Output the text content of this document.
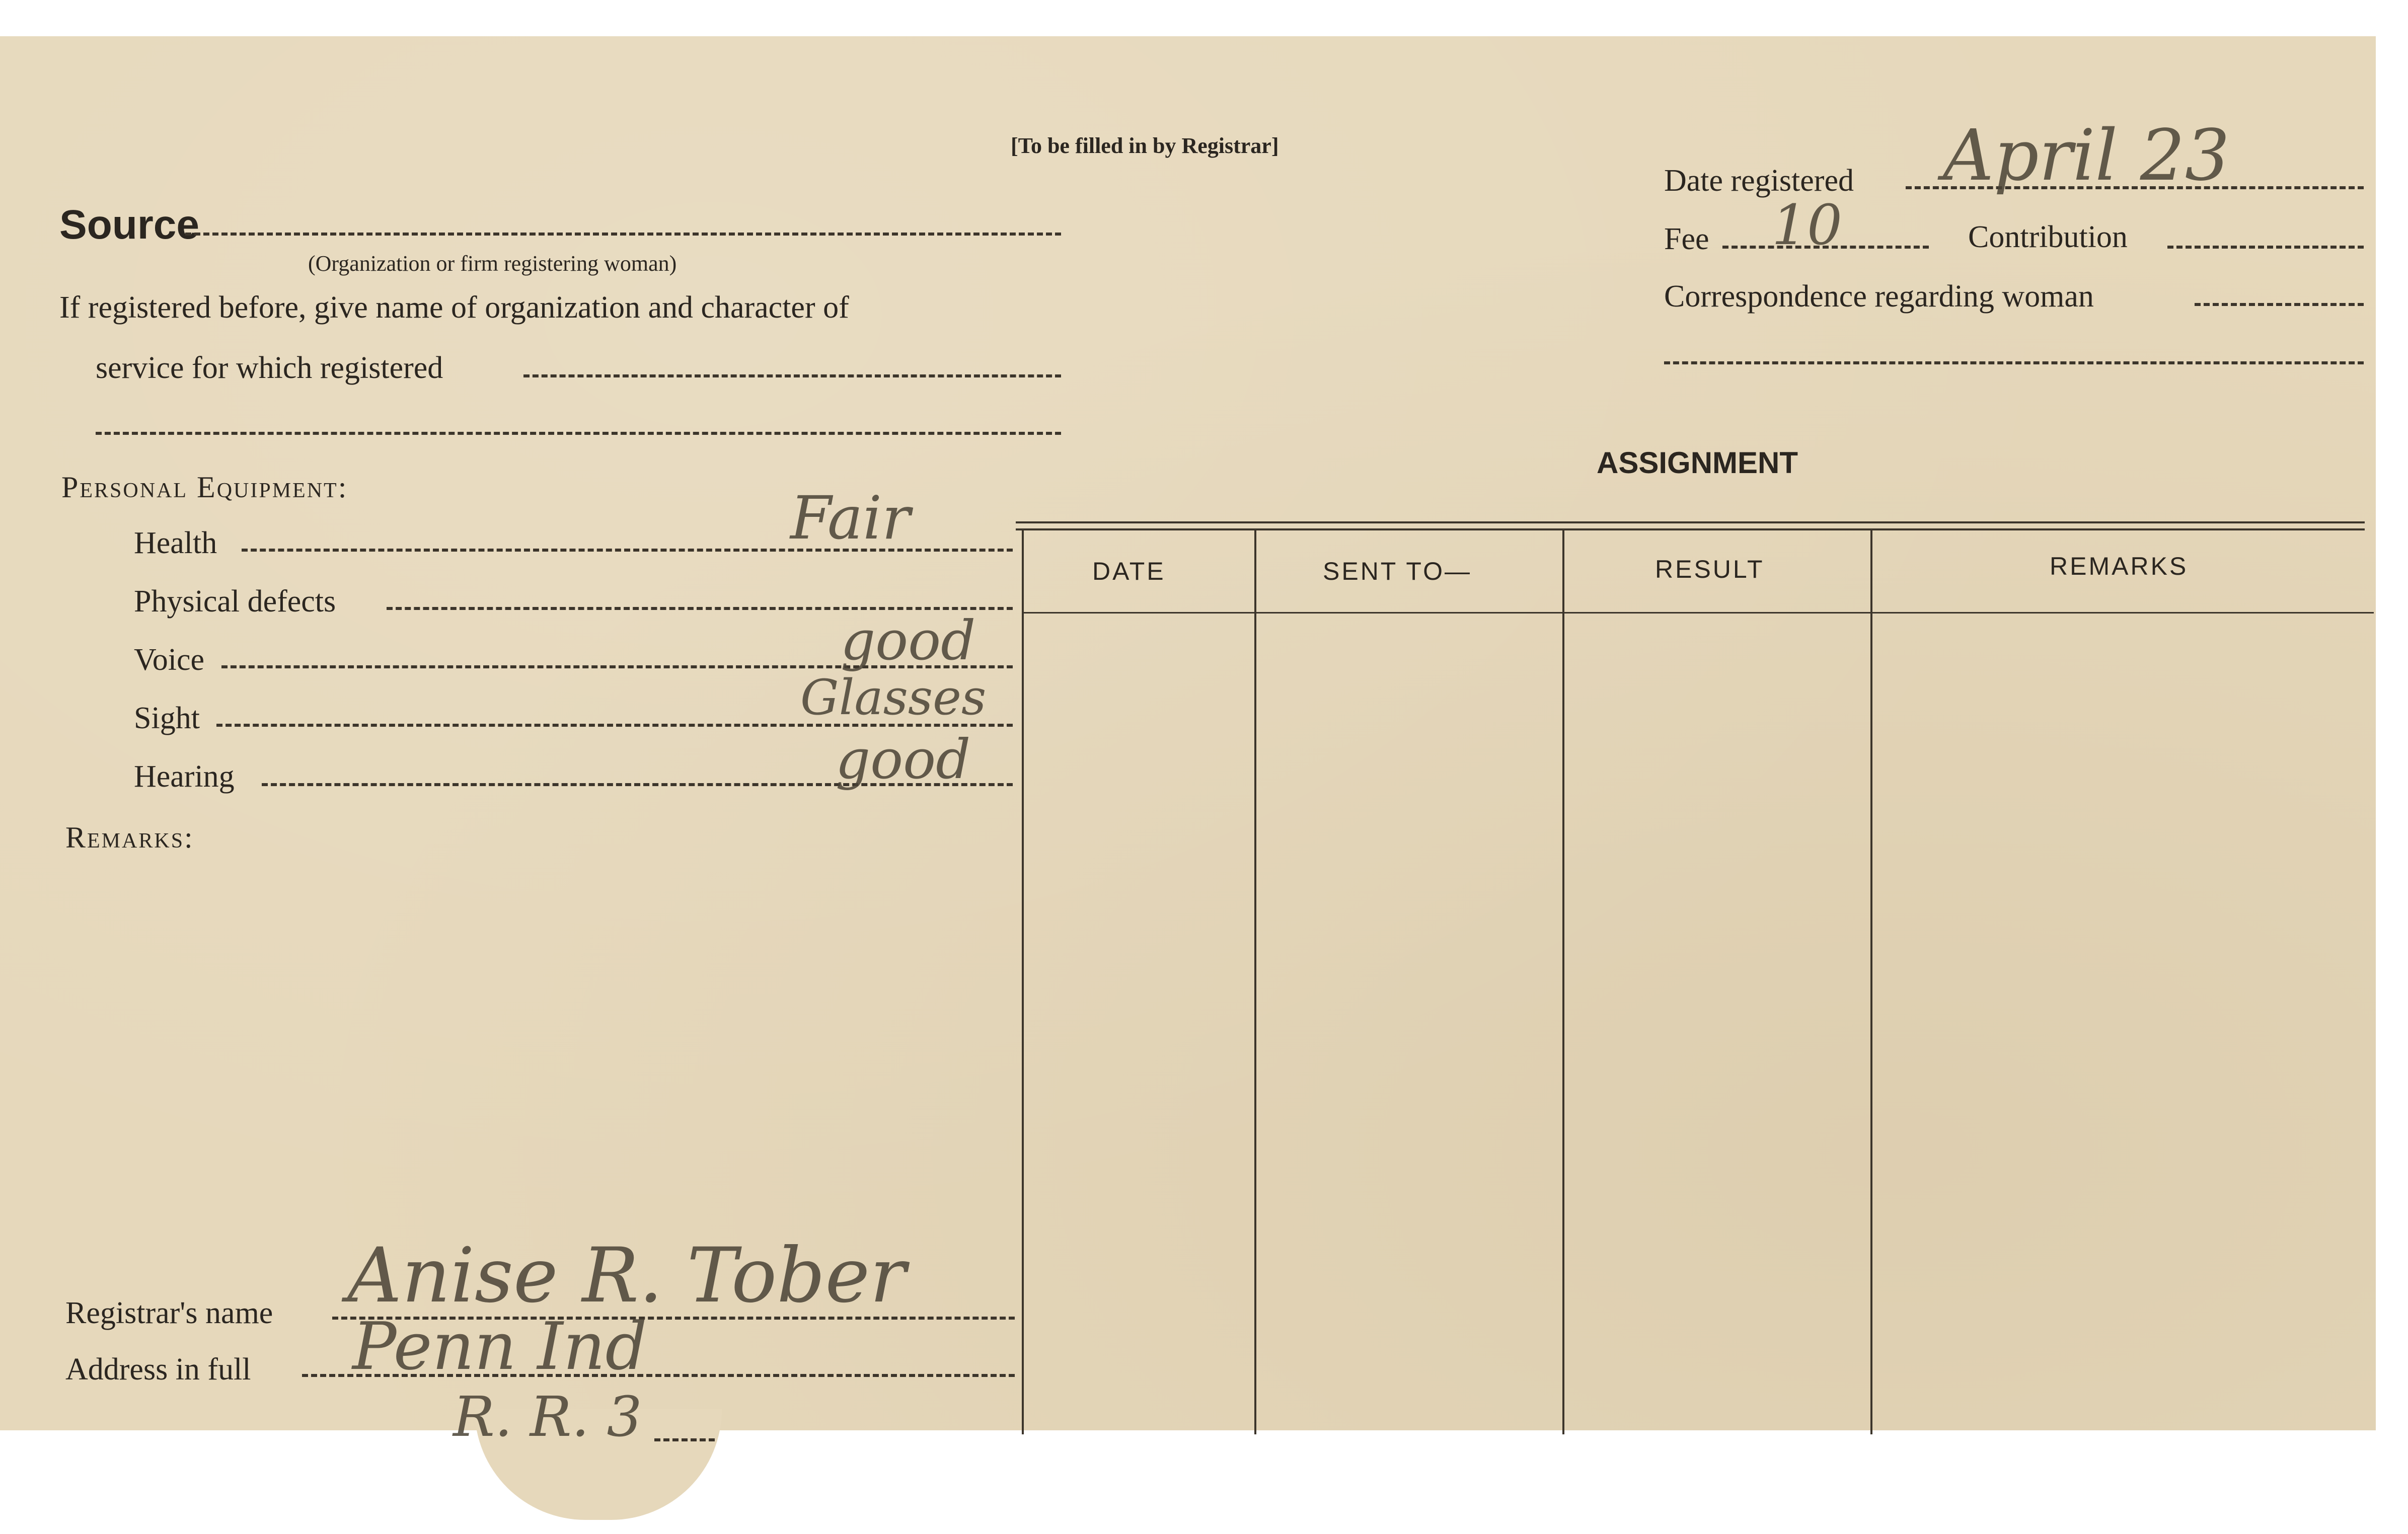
[To be filled in by Registrar]
Source
(Organization or firm registering woman)
If registered before, give name of organization and character of
service for which registered
Personal Equipment:
Health	Fair
Physical defects
Voice	good
Sight	Glasses
Hearing	good
Remarks:
Registrar's name Anise R. Tober
Address in full Penn Ind
R. R. 3
Date registered April 23
Fee 10	Contribution
Correspondence regarding woman
ASSIGNMENT
DATE	SENT TO—	RESULT	REMARKS
